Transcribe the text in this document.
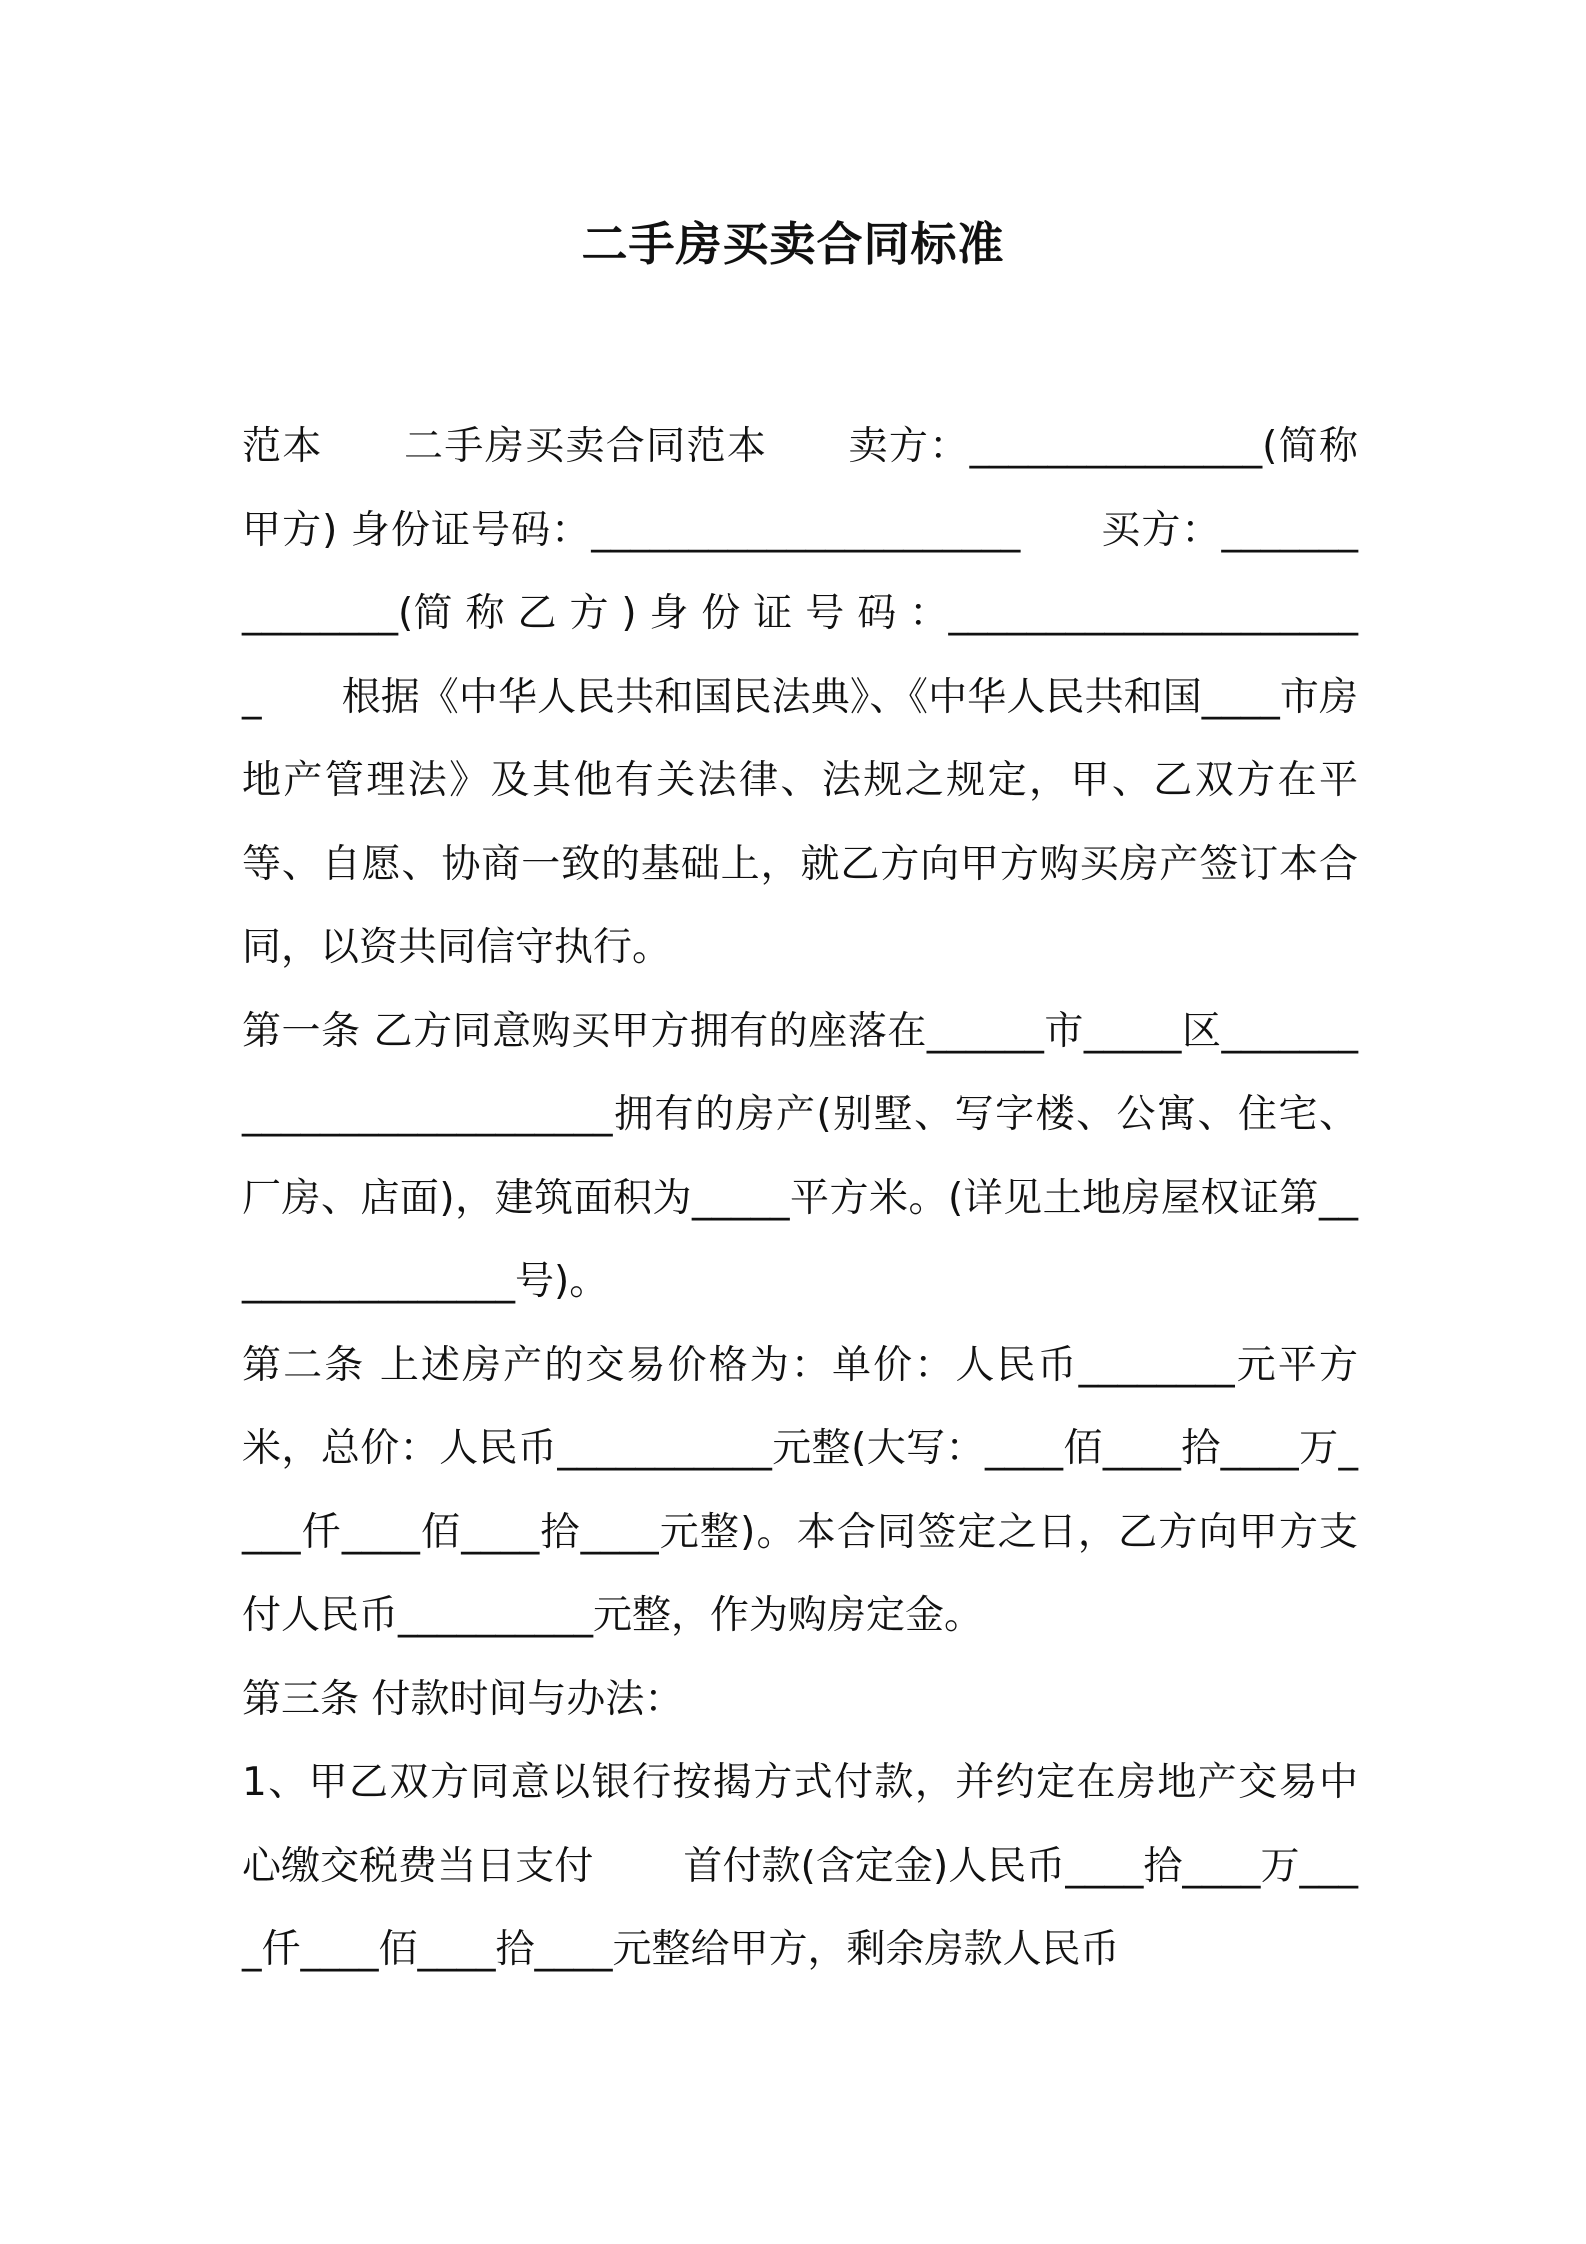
二手房买卖合同标准

范本 二手房买卖合同范本 卖方：_______________(简称甲方) 身份证号码：______________________ 买方：_______________(简 称 乙 方 ) 身 份 证 号 码 ：______________________ 根据《中华人民共和国民法典》、《中华人民共和国____市房地产管理法》及其他有关法律、法规之规定，甲、乙双方在平等、自愿、协商一致的基础上，就乙方向甲方购买房产签订本合同，以资共同信守执行。

第一条 乙方同意购买甲方拥有的座落在______市_____区__________________________拥有的房产(别墅、写字楼、公寓、住宅、厂房、店面)，建筑面积为_____平方米。(详见土地房屋权证第________________号)。

第二条 上述房产的交易价格为：单价：人民币________元平方米，总价：人民币___________元整(大写：____佰____拾____万____仟____佰____拾____元整)。本合同签定之日，乙方向甲方支付人民币__________元整，作为购房定金。

第三条 付款时间与办法：

1、甲乙双方同意以银行按揭方式付款，并约定在房地产交易中心缴交税费当日支付 首付款(含定金)人民币____拾____万____仟____佰____拾____元整给甲方，剩余房款人民币
